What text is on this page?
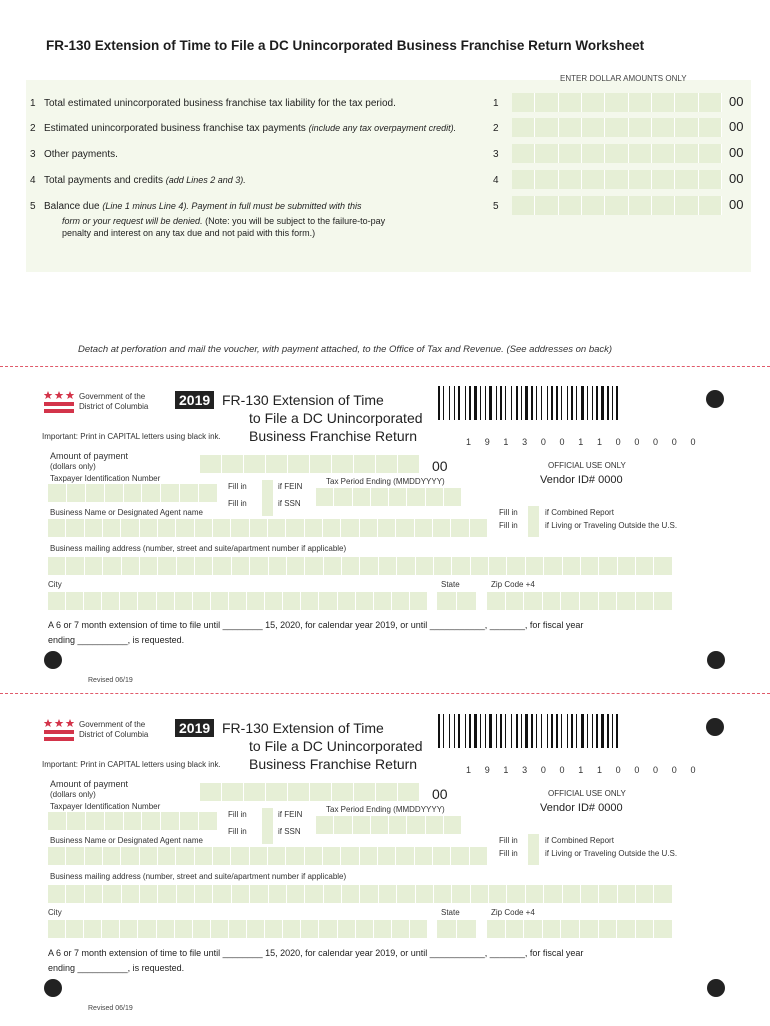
FR-130 Extension of Time to File a DC Unincorporated Business Franchise Return Worksheet
ENTER DOLLAR AMOUNTS ONLY
1 Total estimated unincorporated business franchise tax liability for the tax period.	1	00
2 Estimated unincorporated business franchise tax payments (include any tax overpayment credit).	2	00
3 Other payments.	3	00
4 Total payments and credits (add Lines 2 and 3).	4	00
5 Balance due (Line 1 minus Line 4). Payment in full must be submitted with this	5	00
form or your request will be denied. (Note: you will be subject to the failure-to-pay
penalty and interest on any tax due and not paid with this form.)
Detach at perforation and mail the voucher, with payment attached, to the Office of Tax and Revenue. (See addresses on back)
Government of the
District of Columbia 2019 FR-130 Extension of Time
to File a DC Unincorporated
Business Franchise Return
Important: Print in CAPITAL letters using black ink.
1 9 1 3 0 0 1 1 0 0 0 0 0
Amount of payment
(dollars only)	00	OFFICIAL USE ONLY
Vendor ID# 0000
Taxpayer Identification Number
Fill in	if FEIN
Tax Period Ending (MMDDYYYY)
Fill in	if SSN
Business Name or Designated Agent name	Fill in	if Combined Report
Fill in	if Living or Traveling Outside the U.S.
Business mailing address (number, street and suite/apartment number if applicable)
City	State	Zip Code +4
A 6 or 7 month extension of time to file until ________ 15, 2020, for calendar year 2019, or until ___________, _______, for fiscal year
ending __________, is requested.
Revised 06/19
Government of the
District of Columbia 2019 FR-130 Extension of Time
to File a DC Unincorporated
Business Franchise Return
Important: Print in CAPITAL letters using black ink.
1 9 1 3 0 0 1 1 0 0 0 0 0
Amount of payment
(dollars only)	00	OFFICIAL USE ONLY
Vendor ID# 0000
Taxpayer Identification Number
Fill in	if FEIN
Tax Period Ending (MMDDYYYY)
Fill in	if SSN
Business Name or Designated Agent name	Fill in	if Combined Report
Fill in	if Living or Traveling Outside the U.S.
Business mailing address (number, street and suite/apartment number if applicable)
City	State	Zip Code +4
A 6 or 7 month extension of time to file until ________ 15, 2020, for calendar year 2019, or until ___________, _______, for fiscal year
ending __________, is requested.
Revised 06/19
